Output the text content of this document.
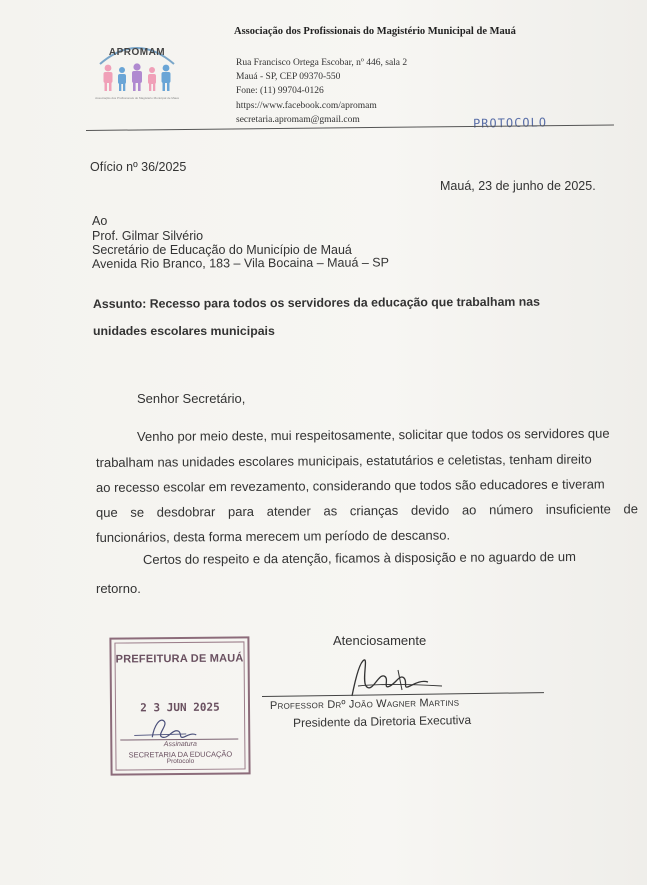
APROMAM
Associação dos Profissionais do Magistério Municipal de Mauá
Associação dos Profissionais do Magistério Municipal de Mauá
Rua Francisco Ortega Escobar, nº 446, sala 2
Mauá - SP, CEP 09370-550
Fone: (11) 99704-0126
https://www.facebook.com/apromam
secretaria.apromam@gmail.com	PROTOCOLO
Ofício nº 36/2025
Mauá, 23 de junho de 2025.
Ao
Prof. Gilmar Silvério
Secretário de Educação do Município de Mauá
Avenida Rio Branco, 183 – Vila Bocaina – Mauá – SP
Assunto: Recesso para todos os servidores da educação que trabalham nas
unidades escolares municipais
Senhor Secretário,
Venho por meio deste, mui respeitosamente, solicitar que todos os servidores que
trabalham nas unidades escolares municipais, estatutários e celetistas, tenham direito
ao recesso escolar em revezamento, considerando que todos são educadores e tiveram
que se desdobrar para atender as crianças devido ao número insuficiente de
funcionários, desta forma merecem um período de descanso.
Certos do respeito e da atenção, ficamos à disposição e no aguardo de um
retorno.
Atenciosamente
Professor Drº João Wagner Martins
Presidente da Diretoria Executiva
PREFEITURA DE MAUÁ
2 3 JUN 2025
Assinatura
SECRETARIA DA EDUCAÇÃO
Protocolo
